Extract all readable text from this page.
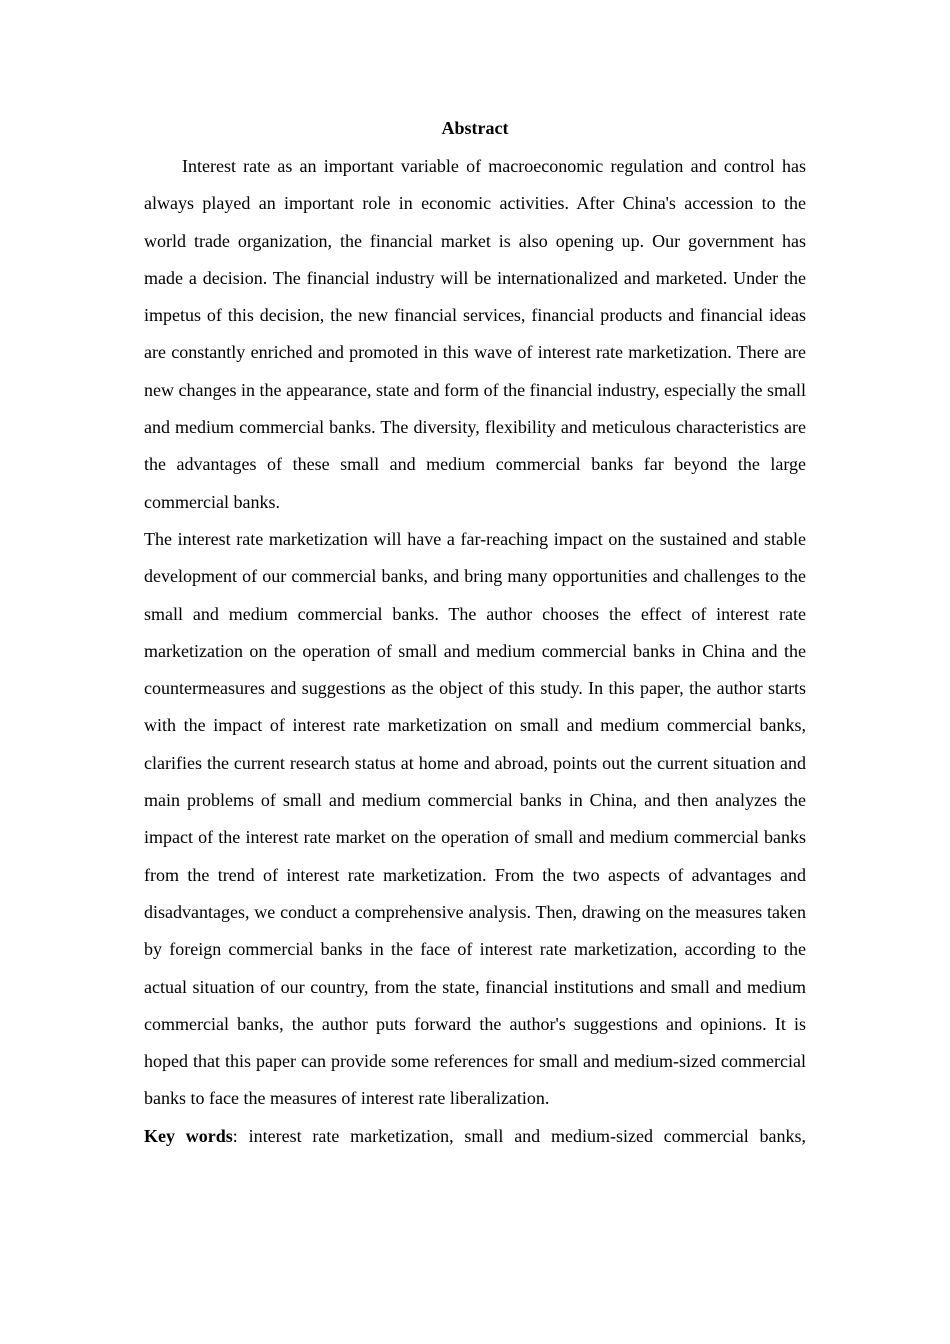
Abstract

Interest rate as an important variable of macroeconomic regulation and control has always played an important role in economic activities. After China's accession to the world trade organization, the financial market is also opening up. Our government has made a decision. The financial industry will be internationalized and marketed. Under the impetus of this decision, the new financial services, financial products and financial ideas are constantly enriched and promoted in this wave of interest rate marketization. There are new changes in the appearance, state and form of the financial industry, especially the small and medium commercial banks. The diversity, flexibility and meticulous characteristics are the advantages of these small and medium commercial banks far beyond the large commercial banks.

The interest rate marketization will have a far-reaching impact on the sustained and stable development of our commercial banks, and bring many opportunities and challenges to the small and medium commercial banks. The author chooses the effect of interest rate marketization on the operation of small and medium commercial banks in China and the countermeasures and suggestions as the object of this study. In this paper, the author starts with the impact of interest rate marketization on small and medium commercial banks, clarifies the current research status at home and abroad, points out the current situation and main problems of small and medium commercial banks in China, and then analyzes the impact of the interest rate market on the operation of small and medium commercial banks from the trend of interest rate marketization. From the two aspects of advantages and disadvantages, we conduct a comprehensive analysis. Then, drawing on the measures taken by foreign commercial banks in the face of interest rate marketization, according to the actual situation of our country, from the state, financial institutions and small and medium commercial banks, the author puts forward the author's suggestions and opinions. It is hoped that this paper can provide some references for small and medium-sized commercial banks to face the measures of interest rate liberalization.

Key words: interest rate marketization, small and medium-sized commercial banks,
